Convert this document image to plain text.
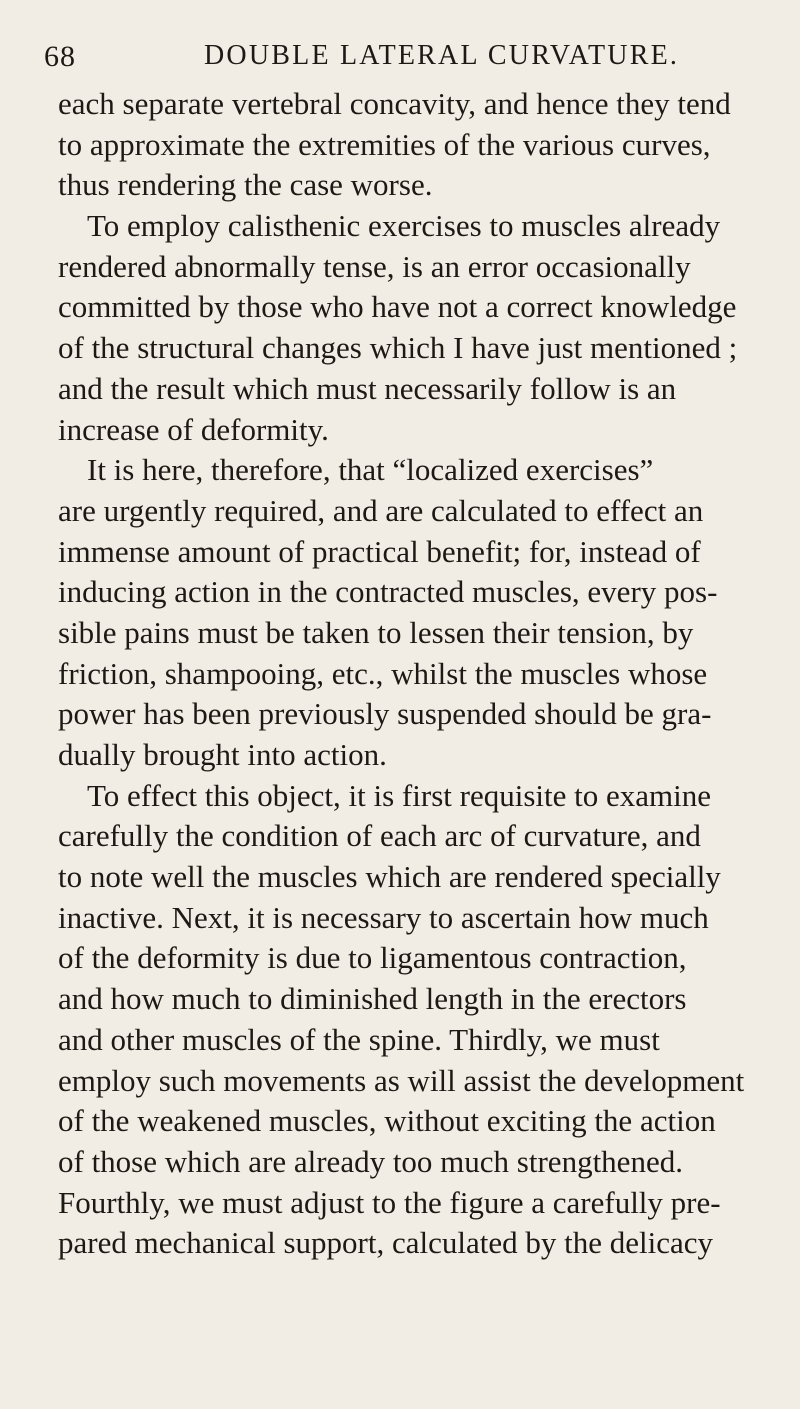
68	DOUBLE LATERAL CURVATURE.
each separate vertebral concavity, and hence they tend
to approximate the extremities of the various curves,
thus rendering the case worse.
To employ calisthenic exercises to muscles already
rendered abnormally tense, is an error occasionally
committed by those who have not a correct knowledge
of the structural changes which I have just mentioned ;
and the result which must necessarily follow is an
increase of deformity.
It is here, therefore, that “localized exercises”
are urgently required, and are calculated to effect an
immense amount of practical benefit; for, instead of
inducing action in the contracted muscles, every pos-
sible pains must be taken to lessen their tension, by
friction, shampooing, etc., whilst the muscles whose
power has been previously suspended should be gra-
dually brought into action.
To effect this object, it is first requisite to examine
carefully the condition of each arc of curvature, and
to note well the muscles which are rendered specially
inactive. Next, it is necessary to ascertain how much
of the deformity is due to ligamentous contraction,
and how much to diminished length in the erectors
and other muscles of the spine. Thirdly, we must
employ such movements as will assist the development
of the weakened muscles, without exciting the action
of those which are already too much strengthened.
Fourthly, we must adjust to the figure a carefully pre-
pared mechanical support, calculated by the delicacy
